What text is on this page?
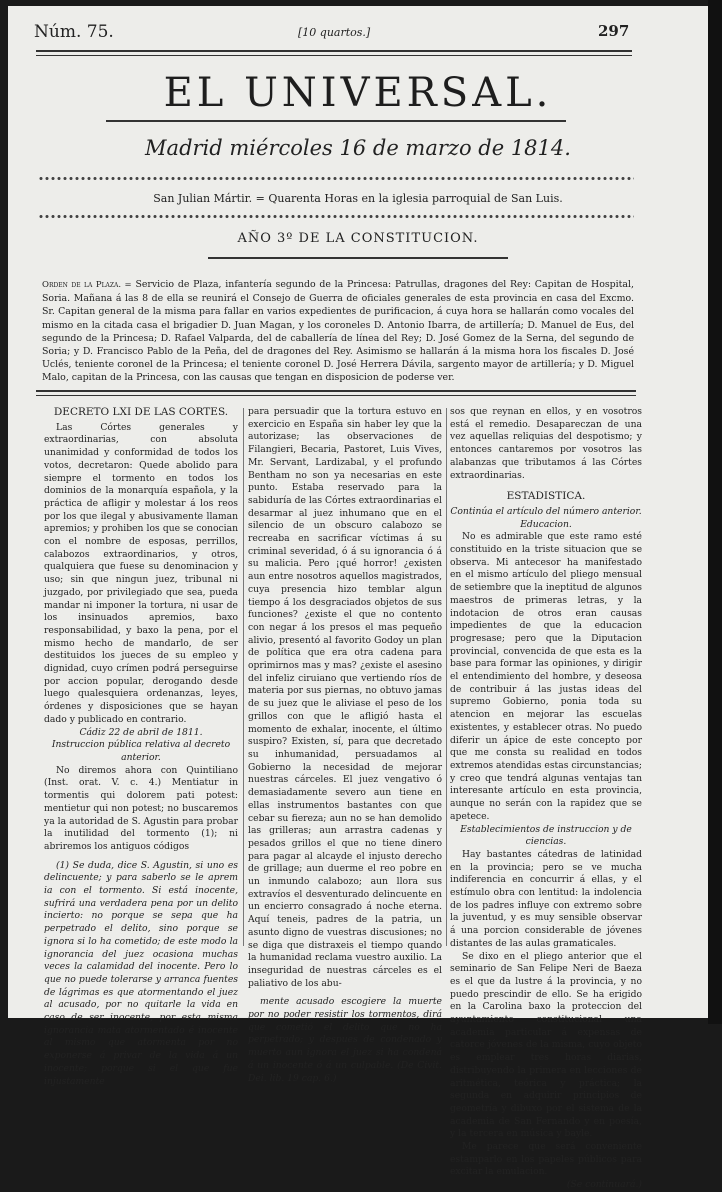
Núm. 75.	[10 quartos.]	297
EL UNIVERSAL.
Madrid miércoles 16 de marzo de 1814.
San Julian Mártir. = Quarenta Horas en la iglesia parroquial de San Luis.
AÑO 3º DE LA CONSTITUCION.
Orden de la Plaza. = Servicio de Plaza, infantería segundo de la Princesa: Patrullas, dragones del Rey: Capitan de Hospital, Soria. Mañana á las 8 de ella se reunirá el Consejo de Guerra de oficiales generales de esta provincia en casa del Excmo. Sr. Capitan general de la misma para fallar en varios expedientes de purificacion, á cuya hora se hallarán como vocales del mismo en la citada casa el brigadier D. Juan Magan, y los coroneles D. Antonio Ibarra, de artillería; D. Manuel de Eus, del segundo de la Princesa; D. Rafael Valparda, del de caballería de línea del Rey; D. José Gomez de la Serna, del segundo de Soria; y D. Francisco Pablo de la Peña, del de dragones del Rey. Asimismo se hallarán á la misma hora los fiscales D. José Uclés, teniente coronel de la Princesa; el teniente coronel D. José Herrera Dávila, sargento mayor de artillería; y D. Miguel Malo, capitan de la Princesa, con las causas que tengan en disposicion de poderse ver.

DECRETO LXI DE LAS CORTES.

Las Córtes generales y extraordinarias, con absoluta unanimidad y conformidad de todos los votos, decretaron: Quede abolido para siempre el tormento en todos los dominios de la monarquía española, y la práctica de afligir y molestar á los reos por los que ilegal y abusivamente llaman apremios; y prohiben los que se conocian con el nombre de esposas, perrillos, calabozos extraordinarios, y otros, qualquiera que fuese su denominacion y uso; sin que ningun juez, tribunal ni juzgado, por privilegiado que sea, pueda mandar ni imponer la tortura, ni usar de los insinuados apremios, baxo responsabilidad, y baxo la pena, por el mismo hecho de mandarlo, de ser destituidos los jueces de su empleo y dignidad, cuyo crímen podrá perseguirse por accion popular, derogando desde luego qualesquiera ordenanzas, leyes, órdenes y disposiciones que se hayan dado y publicado en contrario.

Cádiz 22 de abril de 1811.

Instruccion pública relativa al decreto anterior.

No diremos ahora con Quintiliano (Inst. orat. V. c. 4.) Mentiatur in tormentis qui dolorem pati potest: mentietur qui non potest; no buscaremos ya la autoridad de S. Agustin para probar la inutilidad del tormento (1); ni abriremos los antiguos códigos

(1) Se duda, dice S. Agustin, si uno es delincuente; y para saberlo se le aprem ia con el tormento. Si está inocente, sufrirá una verdadera pena por un delito incierto: no porque se sepa que ha perpetrado el delito, sino porque se ignora si lo ha cometido; de este modo la ignorancia del juez ocasiona muchas veces la calamidad del inocente. Pero lo que no puede tolerarse y arranca fuentes de lágrimas es que atormentando el juez al acusado, por no quitarle la vida en caso de ser inocente, por esta misma ignorancia mata atormentado é inocente al mismo que atormenta por no exponerse á privar de la vida á un inocente; porque si el que fue injustamente

para persuadir que la tortura estuvo en exercicio en España sin haber ley que la autorizase; las observaciones de Filangieri, Becaria, Pastoret, Luis Vives, Mr. Servant, Lardizabal, y el profundo Bentham no son ya necesarias en este punto. Estaba reservado para la sabiduría de las Córtes extraordinarias el desarmar al juez inhumano que en el silencio de un obscuro calabozo se recreaba en sacrificar víctimas á su criminal severidad, ó á su ignorancia ó á su malicia. Pero ¡qué horror! ¿existen aun entre nosotros aquellos magistrados, cuya presencia hizo temblar algun tiempo á los desgraciados objetos de sus funciones? ¿existe el que no contento con negar á los presos el mas pequeño alivio, presentó al favorito Godoy un plan de política que era otra cadena para oprimirnos mas y mas? ¿existe el asesino del infeliz ciruiano que vertiendo ríos de materia por sus piernas, no obtuvo jamas de su juez que le aliviase el peso de los grillos con que le afligió hasta el momento de exhalar, inocente, el último suspiro? Existen, sí, para que decretado su inhumanidad, persuadamos al Gobierno la necesidad de mejorar nuestras cárceles. El juez vengativo ó demasiadamente severo aun tiene en ellas instrumentos bastantes con que cebar su fiereza; aun no se han demolido las grilleras; aun arrastra cadenas y pesados grillos el que no tiene dinero para pagar al alcayde el injusto derecho de grillage; aun duerme el reo pobre en un inmundo calabozo; aun llora sus extravíos el desventurado delincuente en un encierro consagrado á noche eterna. Aquí teneis, padres de la patria, un asunto digno de vuestras discusiones; no se diga que distraxeis el tiempo quando la humanidad reclama vuestro auxilio. La inseguridad de nuestras cárceles es el paliativo de los abu-

mente acusado escogiere la muerte por no poder resistir los tormentos, dirá que cometió el delito que no ha perpetrado; y despues de condenado y muerto aun ignora el juez si ha condená á un inocente ó á un culpable. (De Civit. Dei. lib. 19 cap. 6.)

sos que reynan en ellos, y en vosotros está el remedio. Desapareczan de una vez aquellas reliquias del despotismo; y entonces cantaremos por vosotros las alabanzas que tributamos á las Córtes extraordinarias.

ESTADISTICA.

Continúa el artículo del número anterior.

Educacion.

No es admirable que este ramo esté constituido en la triste situacion que se observa. Mi antecesor ha manifestado en el mismo artículo del pliego mensual de setiembre que la ineptitud de algunos maestros de primeras letras, y la indotacion de otros eran causas impedientes de que la educacion progresase; pero que la Diputacion provincial, convencida de que esta es la base para formar las opiniones, y dirigir el entendimiento del hombre, y deseosa de contribuir á las justas ideas del supremo Gobierno, ponia toda su atencion en mejorar las escuelas existentes, y establecer otras. No puedo diferir un ápice de este concepto por que me consta su realidad en todos extremos atendidas estas circunstancias; y creo que tendrá algunas ventajas tan interesante artículo en esta provincia, aunque no serán con la rapidez que se apetece.

Establecimientos de instruccion y de ciencias.

Hay bastantes cátedras de latinidad en la provincia; pero se ve mucha indiferencia en concurrir á ellas, y el estímulo obra con lentitud: la indolencia de los padres influye con extremo sobre la juventud, y es muy sensible observar á una porcion considerable de jóvenes distantes de las aulas gramaticales.

Se dixo en el pliego anterior que el seminario de San Felipe Neri de Baeza es el que da lustre á la provincia, y no puedo prescindir de ello. Se ha erigido en la Carolina baxo la proteccion del ayuntamiento constitucional una academia particular á expensas de catorce jóvenes de la misma, cuyo objeto es emplear tres horas diarias, distribuyendo la primera en lecciones de aritmética, teórica y práctica; la segunda en adquirir principios de geometría y dibuxo por el sistema de la academia de San Fernando y en poesía, y la tercera en música y bayle.

Me parece que será conveniente estamparlo en los papeles públicos para excitar la emulacion.

(Se continuará.)
